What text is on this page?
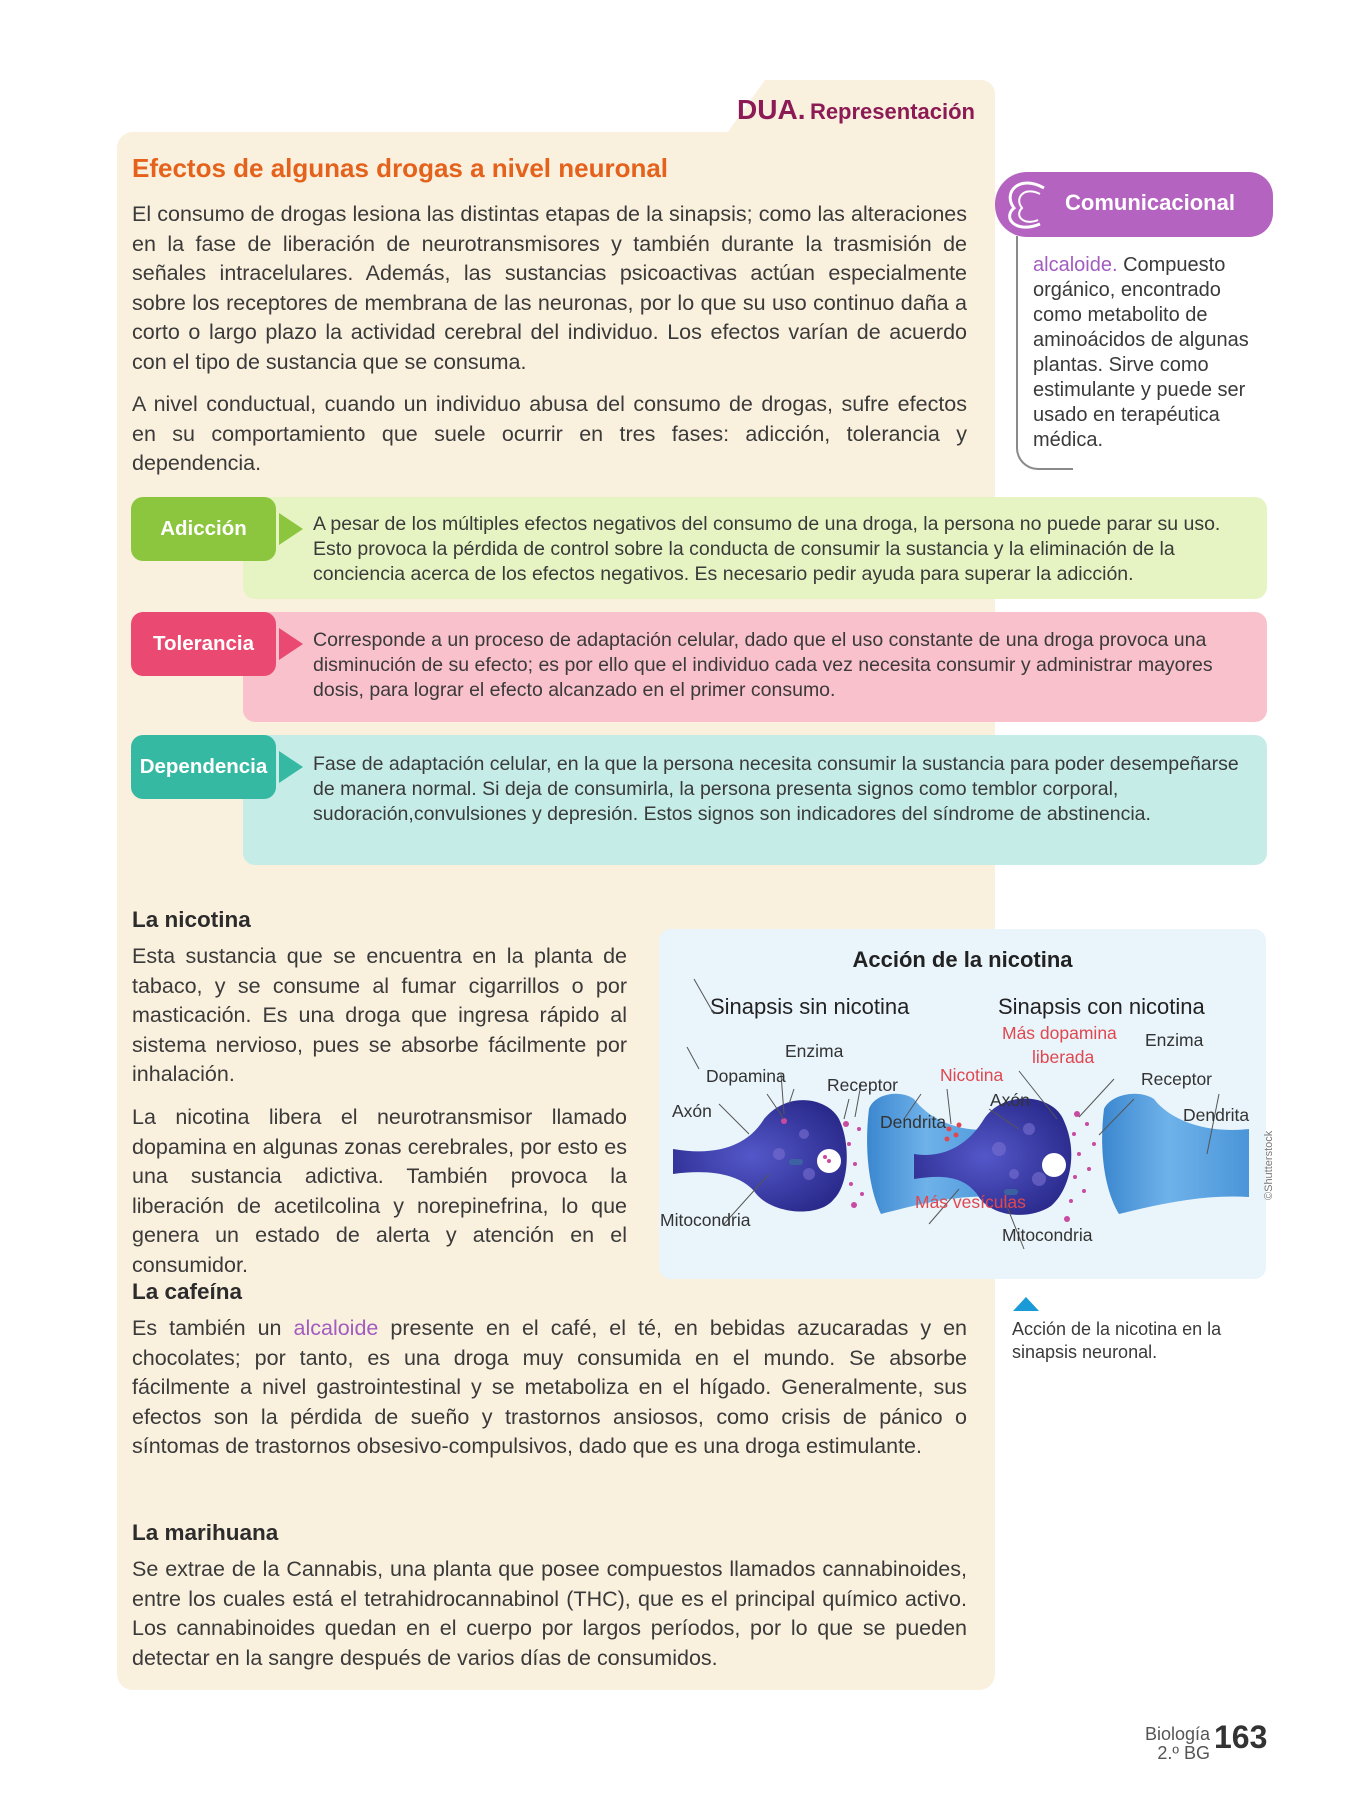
DUA. Representación
Efectos de algunas drogas a nivel neuronal
El consumo de drogas lesiona las distintas etapas de la sinapsis; como las alteraciones en la fase de liberación de neurotransmisores y también durante la trasmisión de señales intracelulares. Además, las sustancias psicoactivas actúan especialmente sobre los receptores de membrana de las neuronas, por lo que su uso continuo daña a corto o largo plazo la actividad cerebral del individuo. Los efectos varían de acuerdo con el tipo de sustancia que se consuma.
A nivel conductual, cuando un individuo abusa del consumo de drogas, sufre efectos en su comportamiento que suele ocurrir en tres fases: adicción, tolerancia y dependencia.
Comunicacional
alcaloide. Compuesto orgánico, encontrado como metabolito de aminoácidos de algunas plantas. Sirve como estimulante y puede ser usado en terapéutica médica.
Adicción	A pesar de los múltiples efectos negativos del consumo de una droga, la persona no puede parar su uso. Esto provoca la pérdida de control sobre la conducta de consumir la sustancia y la eliminación de la conciencia acerca de los efectos negativos. Es necesario pedir ayuda para superar la adicción.
Tolerancia	Corresponde a un proceso de adaptación celular, dado que el uso constante de una droga provoca una disminución de su efecto; es por ello que el individuo cada vez necesita consumir y administrar mayores dosis, para lograr el efecto alcanzado en el primer consumo.
Dependencia	Fase de adaptación celular, en la que la persona necesita consumir la sustancia para poder desempeñarse de manera normal. Si deja de consumirla, la persona presenta signos como temblor corporal, sudoración,convulsiones y depresión. Estos signos son indicadores del síndrome de abstinencia.
La nicotina
Esta sustancia que se encuentra en la planta de tabaco, y se consume al fumar cigarrillos o por masticación. Es una droga que ingresa rápido al sistema nervioso, pues se absorbe fácilmente por inhalación.
La nicotina libera el neurotransmisor llamado dopamina en algunas zonas cerebrales, por esto es una sustancia adictiva. También provoca la liberación de acetilcolina y norepinefrina, lo que genera un estado de alerta y atención en el consumidor.
Acción de la nicotina
Sinapsis sin nicotina	Sinapsis con nicotina
Enzima
Dopamina Receptor
Axón
Dendrita
Mitocondria
Más dopamina
liberada
Enzima
Nicotina	Receptor
Axón
Dendrita
Más vesículas
Mitocondria
©Shutterstock
Acción de la nicotina en la sinapsis neuronal.
La cafeína
Es también un alcaloide presente en el café, el té, en bebidas azucaradas y en chocolates; por tanto, es una droga muy consumida en el mundo. Se absorbe fácilmente a nivel gastrointestinal y se metaboliza en el hígado. Generalmente, sus efectos son la pérdida de sueño y trastornos ansiosos, como crisis de pánico o síntomas de trastornos obsesivo-compulsivos, dado que es una droga estimulante.
La marihuana
Se extrae de la Cannabis, una planta que posee compuestos llamados cannabinoides, entre los cuales está el tetrahidrocannabinol (THC), que es el principal químico activo. Los cannabinoides quedan en el cuerpo por largos períodos, por lo que se pueden detectar en la sangre después de varios días de consumidos.
Biología
2.º BG 163
